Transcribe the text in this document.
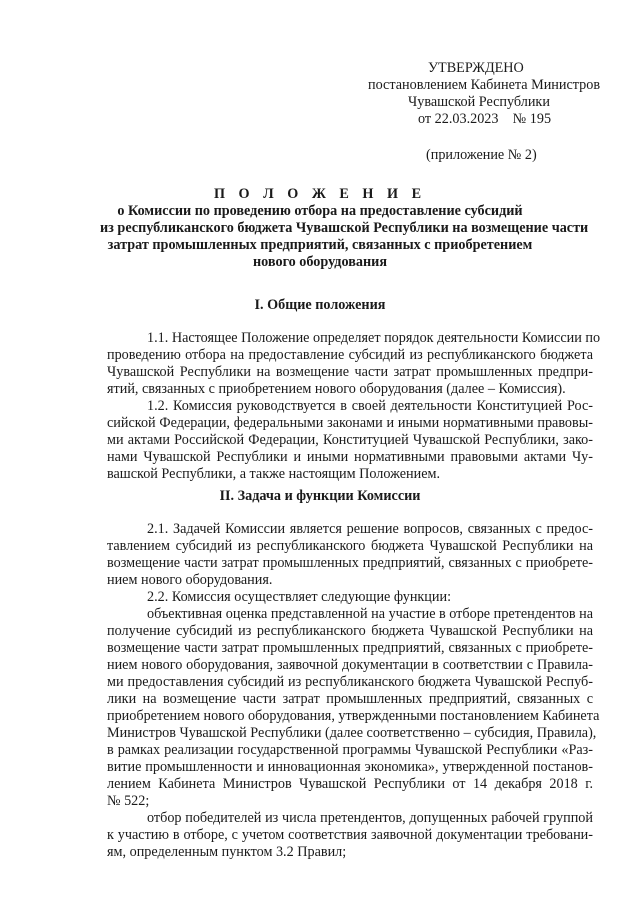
УТВЕРЖДЕНО
постановлением Кабинета Министров
Чувашской Республики
от 22.03.2023    № 195
(приложение № 2)
П О Л О Ж Е Н И Е
о Комиссии по проведению отбора на предоставление субсидий
из республиканского бюджета Чувашской Республики на возмещение части
затрат промышленных предприятий, связанных с приобретением
нового оборудования
I. Общие положения
1.1. Настоящее Положение определяет порядок деятельности Комиссии по
проведению отбора на предоставление субсидий из республиканского бюджета
Чувашской Республики на возмещение части затрат промышленных предпри-
ятий, связанных с приобретением нового оборудования (далее – Комиссия).
1.2. Комиссия руководствуется в своей деятельности Конституцией Рос-
сийской Федерации, федеральными законами и иными нормативными правовы-
ми актами Российской Федерации, Конституцией Чувашской Республики, зако-
нами Чувашской Республики и иными нормативными правовыми актами Чу-
вашской Республики, а также настоящим Положением.
II. Задача и функции Комиссии
2.1. Задачей Комиссии является решение вопросов, связанных с предос-
тавлением субсидий из республиканского бюджета Чувашской Республики на
возмещение части затрат промышленных предприятий, связанных с приобрете-
нием нового оборудования.
2.2. Комиссия осуществляет следующие функции:
объективная оценка представленной на участие в отборе претендентов на
получение субсидий из республиканского бюджета Чувашской Республики на
возмещение части затрат промышленных предприятий, связанных с приобрете-
нием нового оборудования, заявочной документации в соответствии с Правила-
ми предоставления субсидий из республиканского бюджета Чувашской Респуб-
лики на возмещение части затрат промышленных предприятий, связанных с
приобретением нового оборудования, утвержденными постановлением Кабинета
Министров Чувашской Республики (далее соответственно – субсидия, Правила),
в рамках реализации государственной программы Чувашской Республики «Раз-
витие промышленности и инновационная экономика», утвержденной постанов-
лением Кабинета Министров Чувашской Республики от 14 декабря 2018 г.
№ 522;
отбор победителей из числа претендентов, допущенных рабочей группой
к участию в отборе, с учетом соответствия заявочной документации требовани-
ям, определенным пунктом 3.2 Правил;
